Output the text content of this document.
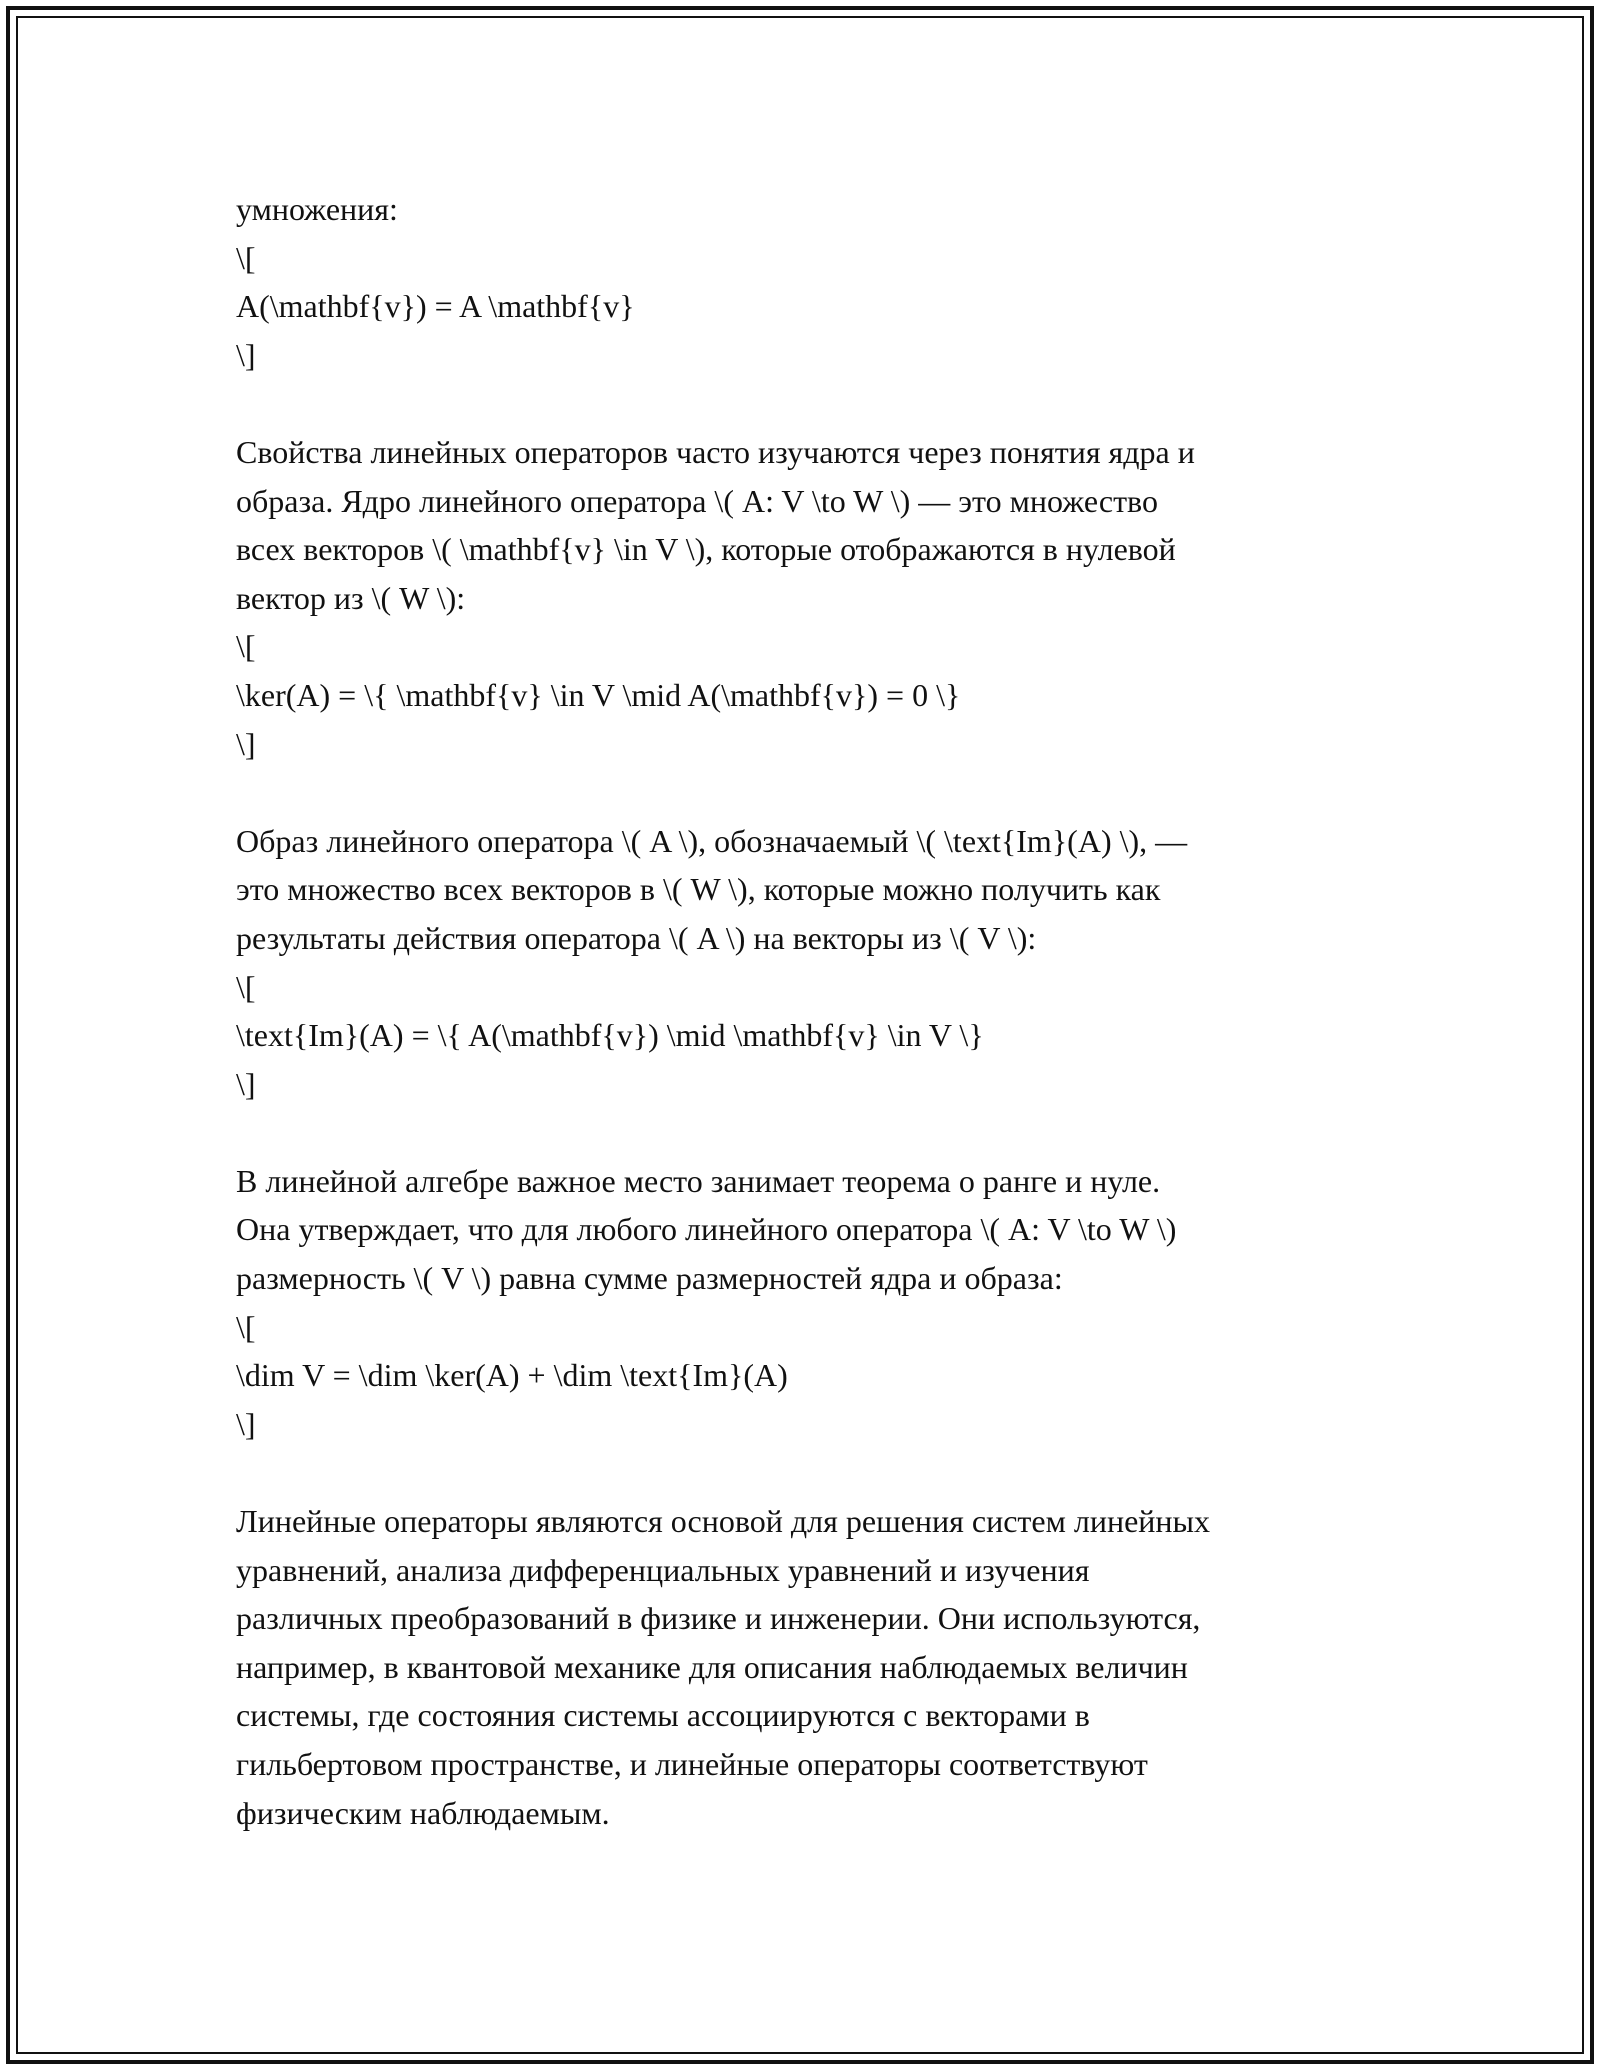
умножения:
\[
A(\mathbf{v}) = A \mathbf{v}
\]
Свойства линейных операторов часто изучаются через понятия ядра и
образа. Ядро линейного оператора \( A: V \to W \) — это множество
всех векторов \( \mathbf{v} \in V \), которые отображаются в нулевой
вектор из \( W \):
\[
\ker(A) = \{ \mathbf{v} \in V \mid A(\mathbf{v}) = 0 \}
\]
Образ линейного оператора \( A \), обозначаемый \( \text{Im}(A) \), —
это множество всех векторов в \( W \), которые можно получить как
результаты действия оператора \( A \) на векторы из \( V \):
\[
\text{Im}(A) = \{ A(\mathbf{v}) \mid \mathbf{v} \in V \}
\]
В линейной алгебре важное место занимает теорема о ранге и нуле.
Она утверждает, что для любого линейного оператора \( A: V \to W \)
размерность \( V \) равна сумме размерностей ядра и образа:
\[
\dim V = \dim \ker(A) + \dim \text{Im}(A)
\]
Линейные операторы являются основой для решения систем линейных
уравнений, анализа дифференциальных уравнений и изучения
различных преобразований в физике и инженерии. Они используются,
например, в квантовой механике для описания наблюдаемых величин
системы, где состояния системы ассоциируются с векторами в
гильбертовом пространстве, и линейные операторы соответствуют
физическим наблюдаемым.
